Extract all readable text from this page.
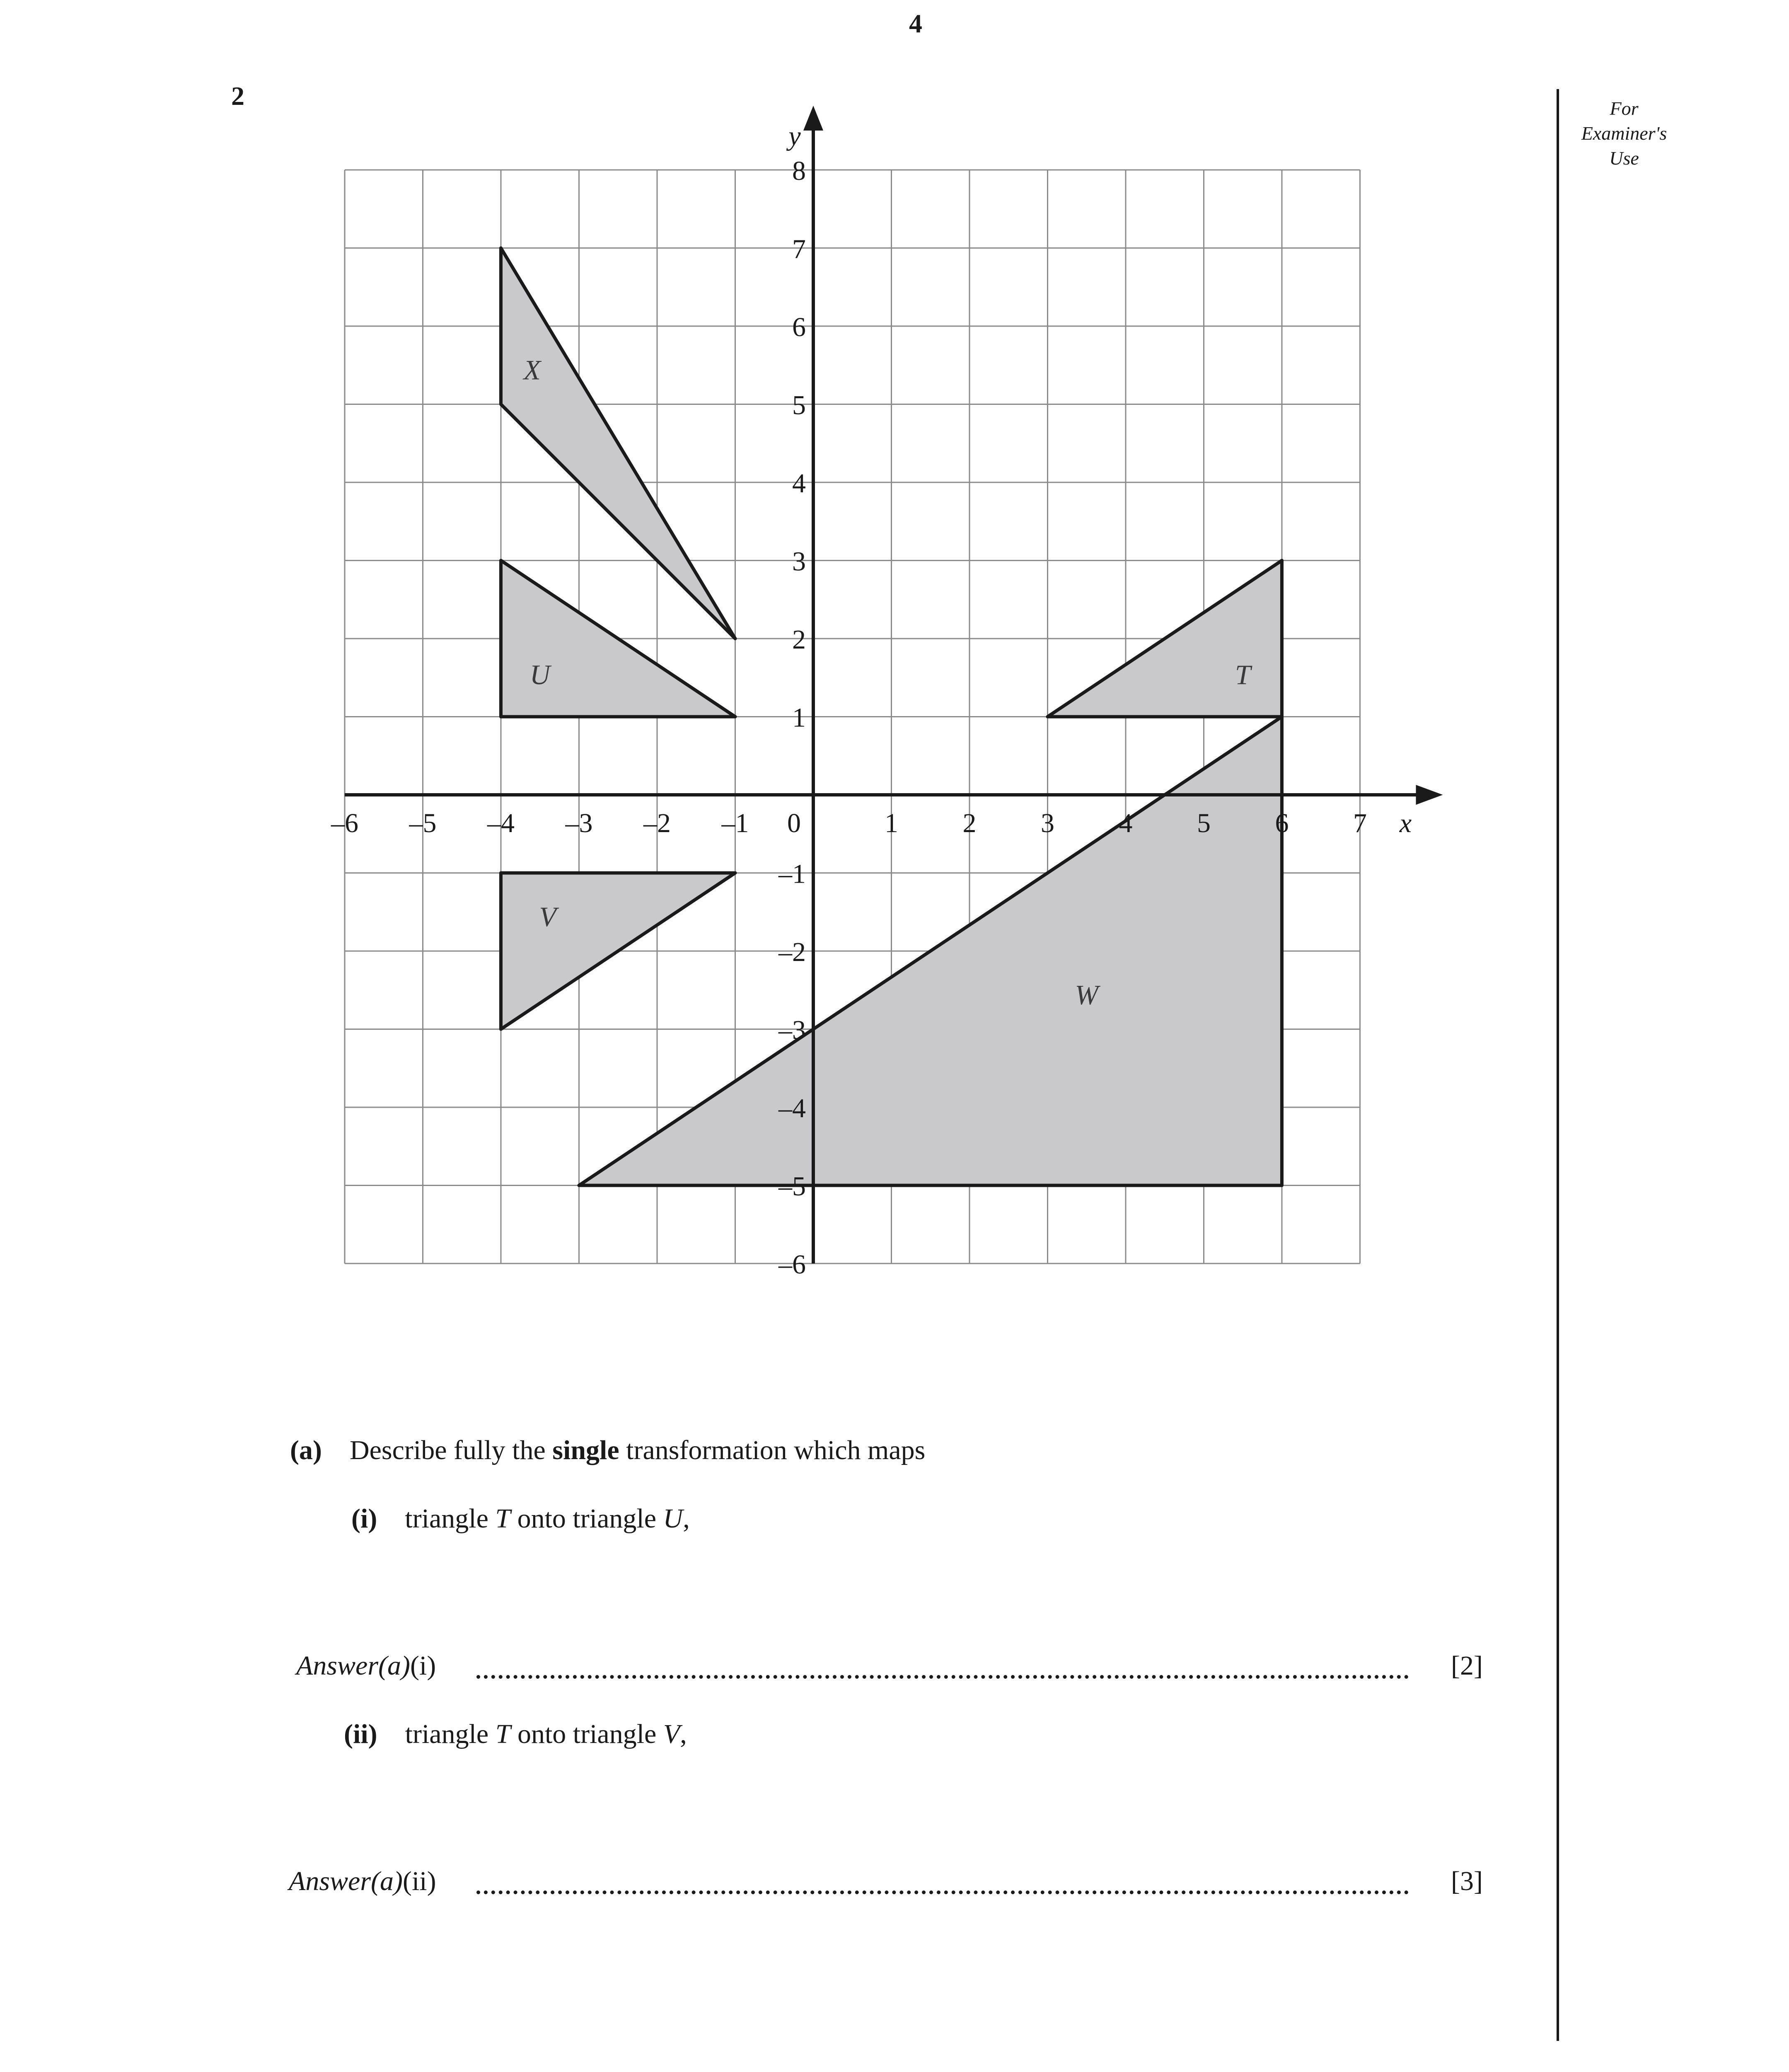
4
2	For
Examiner's
Use
X
U
V
T
W
–6 –5 –4 –3 –2 –1	1 2 3 4 5 6 7
8
7
6
5
4
3
2
1
–1
–2
–3
–4
–5
–6
0	x
y
(a) Describe fully the single transformation which maps
(i) triangle T onto triangle U,
Answer(a)(i)	[2]
(ii) triangle T onto triangle V,
Answer(a)(ii)	[3]
